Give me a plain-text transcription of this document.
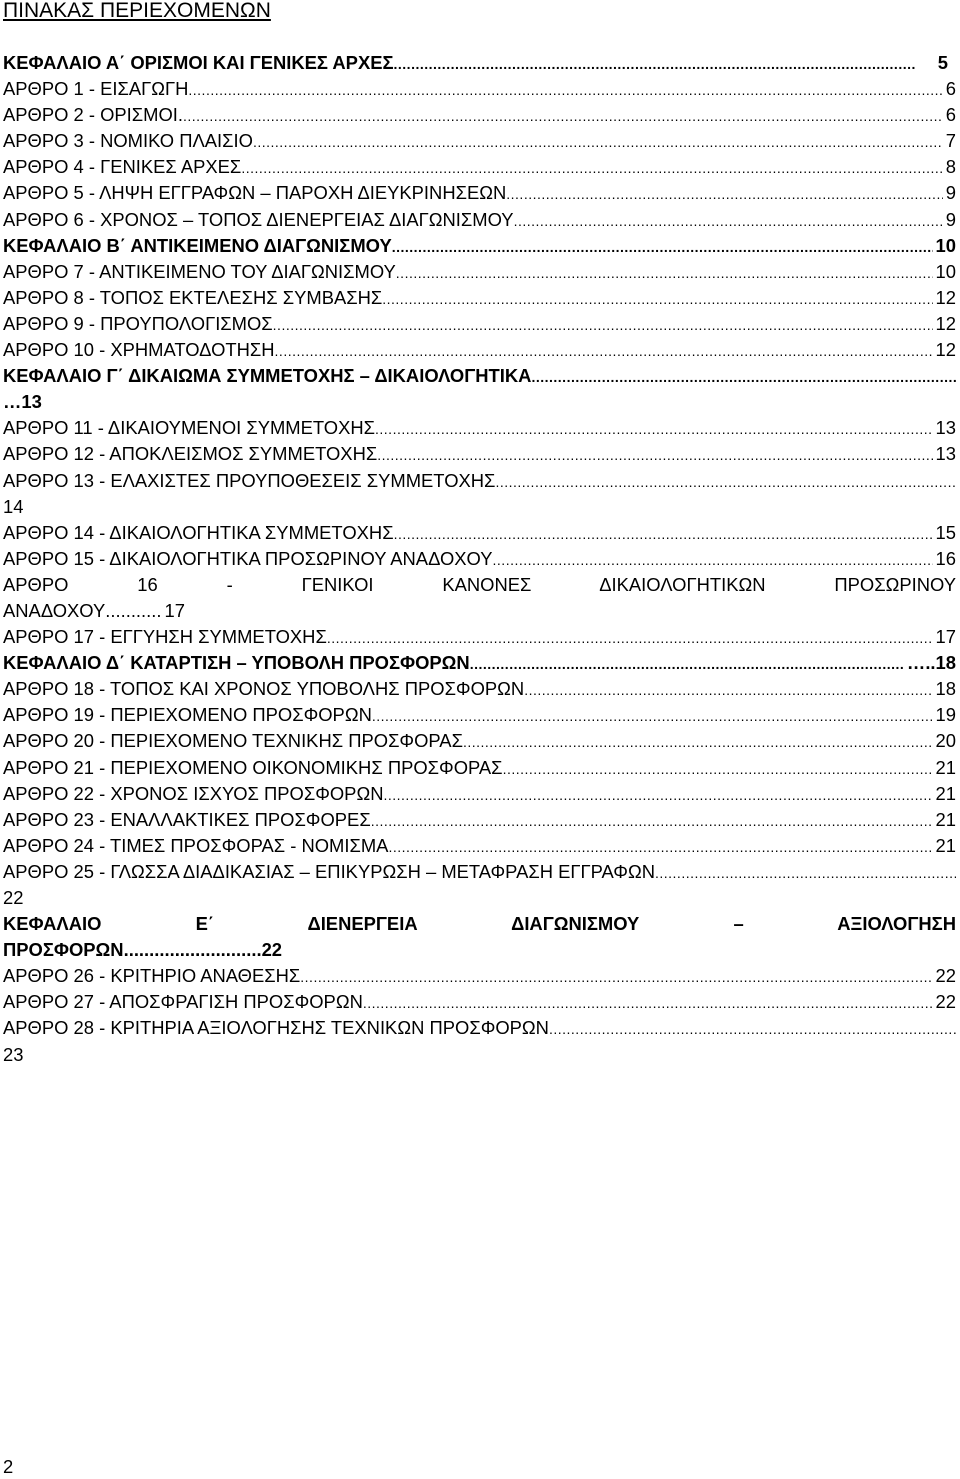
ΠΙΝΑΚΑΣ ΠΕΡΙΕΧΟΜΕΝΩΝ
ΚΕΦΑΛΑΙΟ Α΄ ΟΡΙΣΜΟΙ ΚΑΙ ΓΕΝΙΚΕΣ ΑΡΧΕΣ .....	5
ΑΡΘΡΟ 1 - ΕΙΣΑΓΩΓΗ .....	6
ΑΡΘΡΟ 2 - ΟΡΙΣΜΟΙ. .....	6
ΑΡΘΡΟ 3 - ΝΟΜΙΚΟ ΠΛΑΙΣΙΟ .....	7
ΑΡΘΡΟ 4 - ΓΕΝΙΚΕΣ ΑΡΧΕΣ .....	8
ΑΡΘΡΟ 5 - ΛΗΨΗ ΕΓΓΡΑΦΩΝ – ΠΑΡΟΧΗ ΔΙΕΥΚΡΙΝΗΣΕΩΝ .....	9
ΑΡΘΡΟ 6 - ΧΡΟΝΟΣ – ΤΟΠΟΣ ΔΙΕΝΕΡΓΕΙΑΣ ΔΙΑΓΩΝΙΣΜΟΥ .....	9
ΚΕΦΑΛΑΙΟ Β΄ ΑΝΤΙΚΕΙΜΕΝΟ ΔΙΑΓΩΝΙΣΜΟΥ .....	10
ΑΡΘΡΟ 7 - ΑΝΤΙΚΕΙΜΕΝΟ ΤΟΥ ΔΙΑΓΩΝΙΣΜΟΥ .....	10
ΑΡΘΡΟ 8 - ΤΟΠΟΣ ΕΚΤΕΛΕΣΗΣ ΣΥΜΒΑΣΗΣ .....	12
ΑΡΘΡΟ 9 - ΠΡΟΥΠΟΛΟΓΙΣΜΟΣ .....	12
ΑΡΘΡΟ 10 - ΧΡΗΜΑΤΟΔΟΤΗΣΗ .....	12
ΚΕΦΑΛΑΙΟ Γ΄ ΔΙΚΑΙΩΜΑ ΣΥΜΜΕΤΟΧΗΣ – ΔΙΚΑΙΟΛΟΓΗΤΙΚΑ
.....
…13
ΑΡΘΡΟ 11 - ΔΙΚΑΙΟΥΜΕΝΟΙ ΣΥΜΜΕΤΟΧΗΣ .....	13
ΑΡΘΡΟ 12 - ΑΠΟΚΛΕΙΣΜΟΣ ΣΥΜΜΕΤΟΧΗΣ .....	13
ΑΡΘΡΟ 13 - ΕΛΑΧΙΣΤΕΣ ΠΡΟΥΠΟΘΕΣΕΙΣ ΣΥΜΜΕΤΟΧΗΣ
.....
14
ΑΡΘΡΟ 14 - ΔΙΚΑΙΟΛΟΓΗΤΙΚΑ ΣΥΜΜΕΤΟΧΗΣ .....	15
ΑΡΘΡΟ 15 - ΔΙΚΑΙΟΛΟΓΗΤΙΚΑ ΠΡΟΣΩΡΙΝΟΥ ΑΝΑΔΟΧΟΥ .....	16
ΑΡΘΡΟ 16 - ΓΕΝΙΚΟΙ ΚΑΝΟΝΕΣ ΔΙΚΑΙΟΛΟΓΗΤΙΚΩΝ ΠΡΟΣΩΡΙΝΟΥ
ΑΝΑΔΟΧΟΥ ........... 17
ΑΡΘΡΟ 17 - ΕΓΓΥΗΣΗ ΣΥΜΜΕΤΟΧΗΣ .....	17
ΚΕΦΑΛΑΙΟ Δ΄ ΚΑΤΑΡΤΙΣΗ – ΥΠΟΒΟΛΗ ΠΡΟΣΦΟΡΩΝ .....	…..18
ΑΡΘΡΟ 18 - ΤΟΠΟΣ ΚΑΙ ΧΡΟΝΟΣ ΥΠΟΒΟΛΗΣ ΠΡΟΣΦΟΡΩΝ .....	18
ΑΡΘΡΟ 19 - ΠΕΡΙΕΧΟΜΕΝΟ ΠΡΟΣΦΟΡΩΝ .....	19
ΑΡΘΡΟ 20 - ΠΕΡΙΕΧΟΜΕΝΟ ΤΕΧΝΙΚΗΣ ΠΡΟΣΦΟΡΑΣ .....	20
ΑΡΘΡΟ 21 - ΠΕΡΙΕΧΟΜΕΝΟ ΟΙΚΟΝΟΜΙΚΗΣ ΠΡΟΣΦΟΡΑΣ .....	21
ΑΡΘΡΟ 22 - ΧΡΟΝΟΣ ΙΣΧΥΟΣ ΠΡΟΣΦΟΡΩΝ .....	21
ΑΡΘΡΟ 23 - ΕΝΑΛΛΑΚΤΙΚΕΣ ΠΡΟΣΦΟΡΕΣ .....	21
ΑΡΘΡΟ 24 - ΤΙΜΕΣ ΠΡΟΣΦΟΡΑΣ - ΝΟΜΙΣΜΑ .....	21
ΑΡΘΡΟ 25 - ΓΛΩΣΣΑ ΔΙΑΔΙΚΑΣΙΑΣ – ΕΠΙΚΥΡΩΣΗ – ΜΕΤΑΦΡΑΣΗ ΕΓΓΡΑΦΩΝ
.....
22
ΚΕΦΑΛΑΙΟ Ε΄ ΔΙΕΝΕΡΓΕΙΑ ΔΙΑΓΩΝΙΣΜΟΥ – ΑΞΙΟΛΟΓΗΣΗ
ΠΡΟΣΦΟΡΩΝ...........................22
ΑΡΘΡΟ 26 - ΚΡΙΤΗΡΙΟ ΑΝΑΘΕΣΗΣ .....	22
ΑΡΘΡΟ 27 - ΑΠΟΣΦΡΑΓΙΣΗ ΠΡΟΣΦΟΡΩΝ .....	22
ΑΡΘΡΟ 28 - ΚΡΙΤΗΡΙΑ ΑΞΙΟΛΟΓΗΣΗΣ ΤΕΧΝΙΚΩΝ ΠΡΟΣΦΟΡΩΝ
.....
23
2
